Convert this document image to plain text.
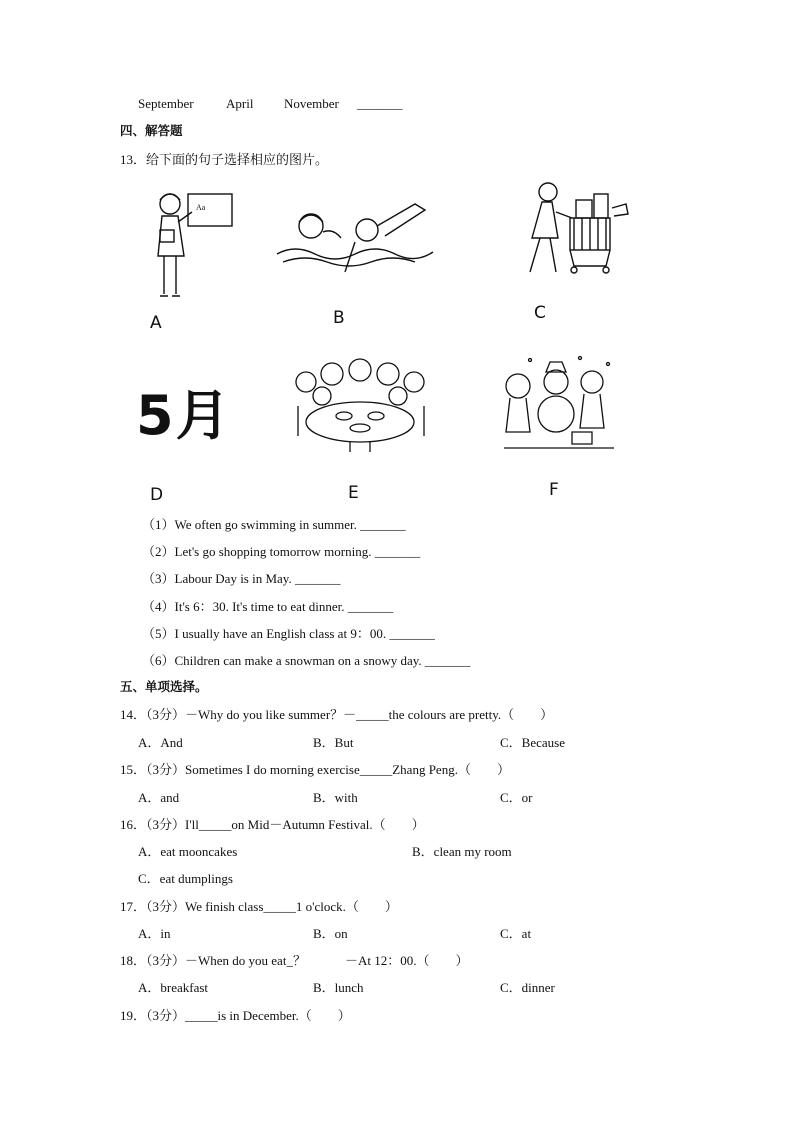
September April November _______
四、解答题
13．给下面的句子选择相应的图片。
Aa
A	B	C
5月
D	E	F
（1）We often go swimming in summer. _______
（2）Let's go shopping tomorrow morning. _______
（3）Labour Day is in May. _______
（4）It's 6：30. It's time to eat dinner. _______
（5）I usually have an English class at 9：00. _______
（6）Children can make a snowman on a snowy day. _______
五、单项选择。
14．（3分）－Why do you like summer？－_____the colours are pretty.（　　）
A．And	B．But	C．Because
15．（3分）Sometimes I do morning exercise_____Zhang Peng.（　　）
A．and	B．with	C．or
16．（3分）I'll_____on Mid－Autumn Festival.（　　）
A．eat mooncakes	B．clean my room
C．eat dumplings
17．（3分）We finish class_____1 o'clock.（　　）
A．in	B．on	C．at
18．（3分）－When do you eat_？　　　－At 12：00.（　　）
A．breakfast	B．lunch	C．dinner
19．（3分）_____is in December.（　　）
